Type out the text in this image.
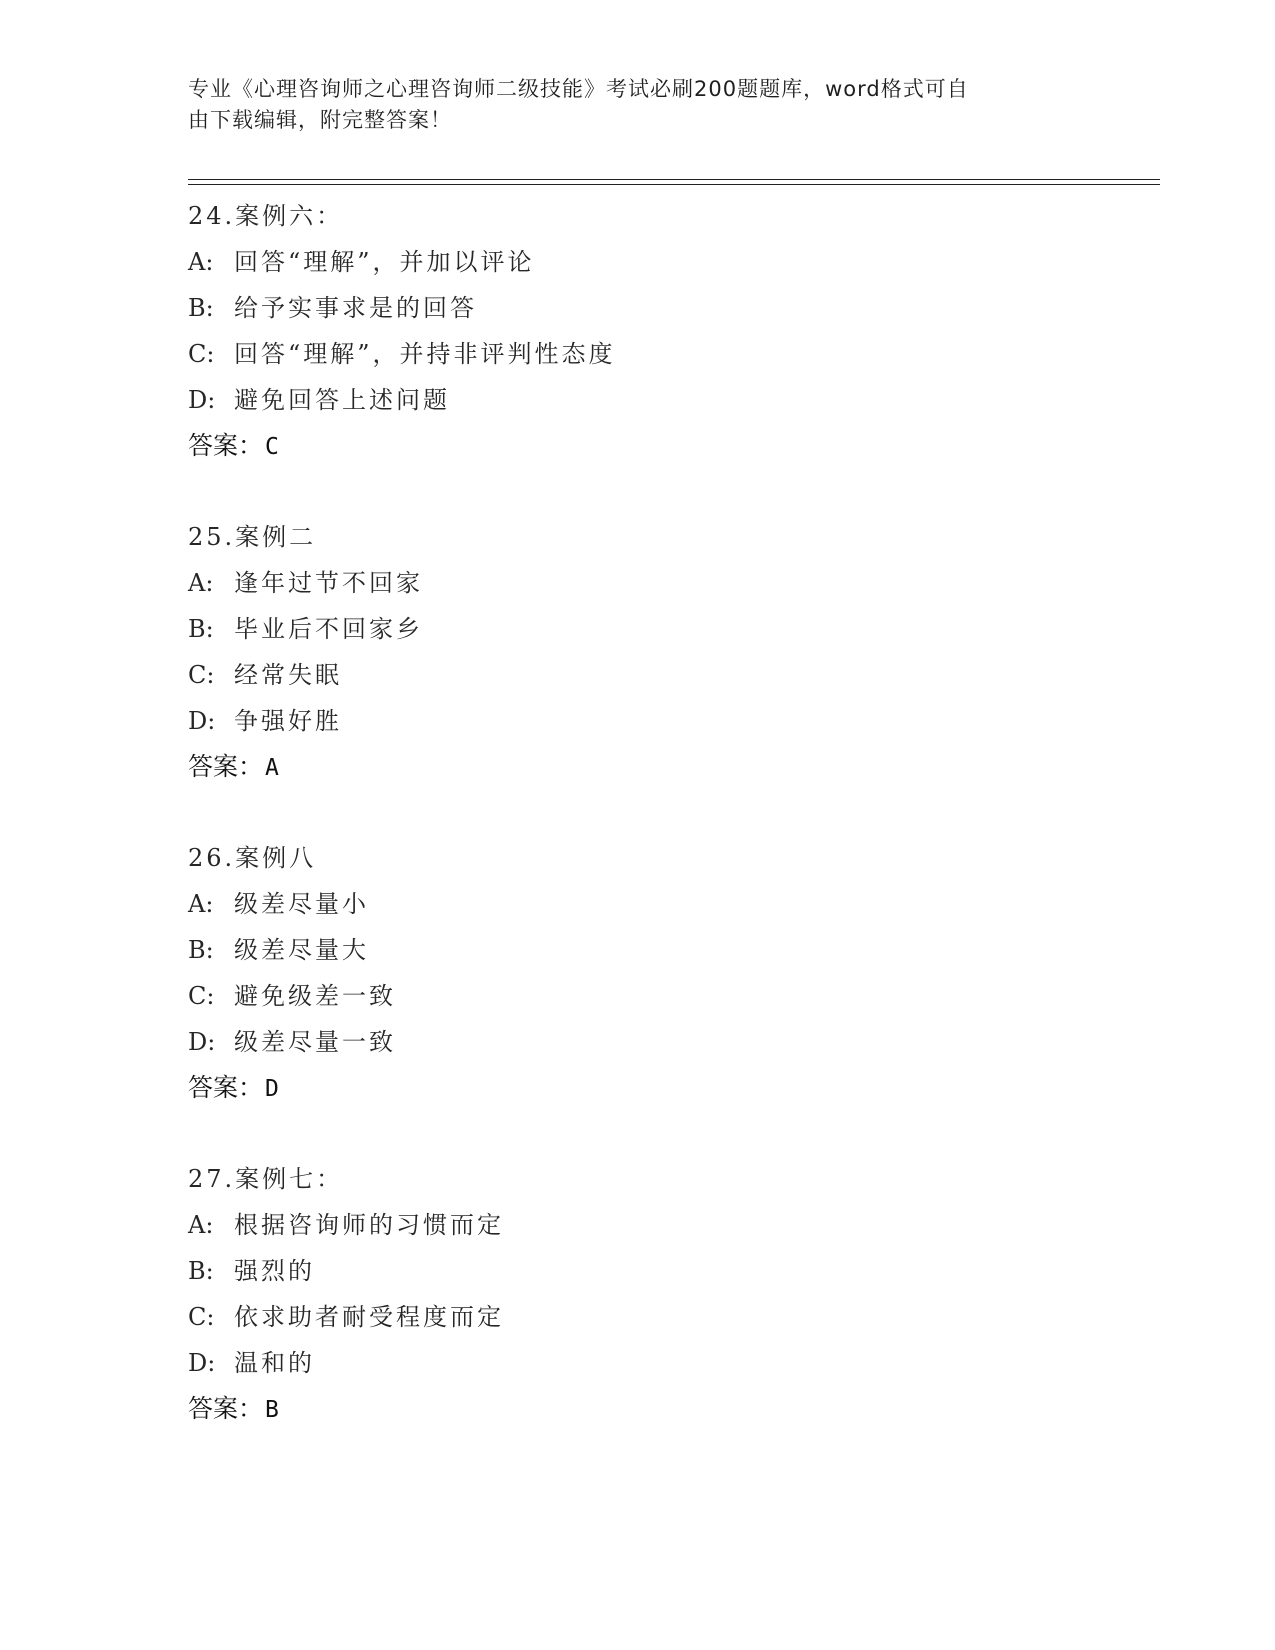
专业《心理咨询师之心理咨询师二级技能》考试必刷200题题库，word格式可自
由下载编辑，附完整答案！
24.案例六：
A: 回答“理解”，并加以评论
B: 给予实事求是的回答
C: 回答“理解”，并持非评判性态度
D: 避免回答上述问题
答案：C
25.案例二
A: 逢年过节不回家
B: 毕业后不回家乡
C: 经常失眠
D: 争强好胜
答案：A
26.案例八
A: 级差尽量小
B: 级差尽量大
C: 避免级差一致
D: 级差尽量一致
答案：D
27.案例七：
A: 根据咨询师的习惯而定
B: 强烈的
C: 依求助者耐受程度而定
D: 温和的
答案：B
